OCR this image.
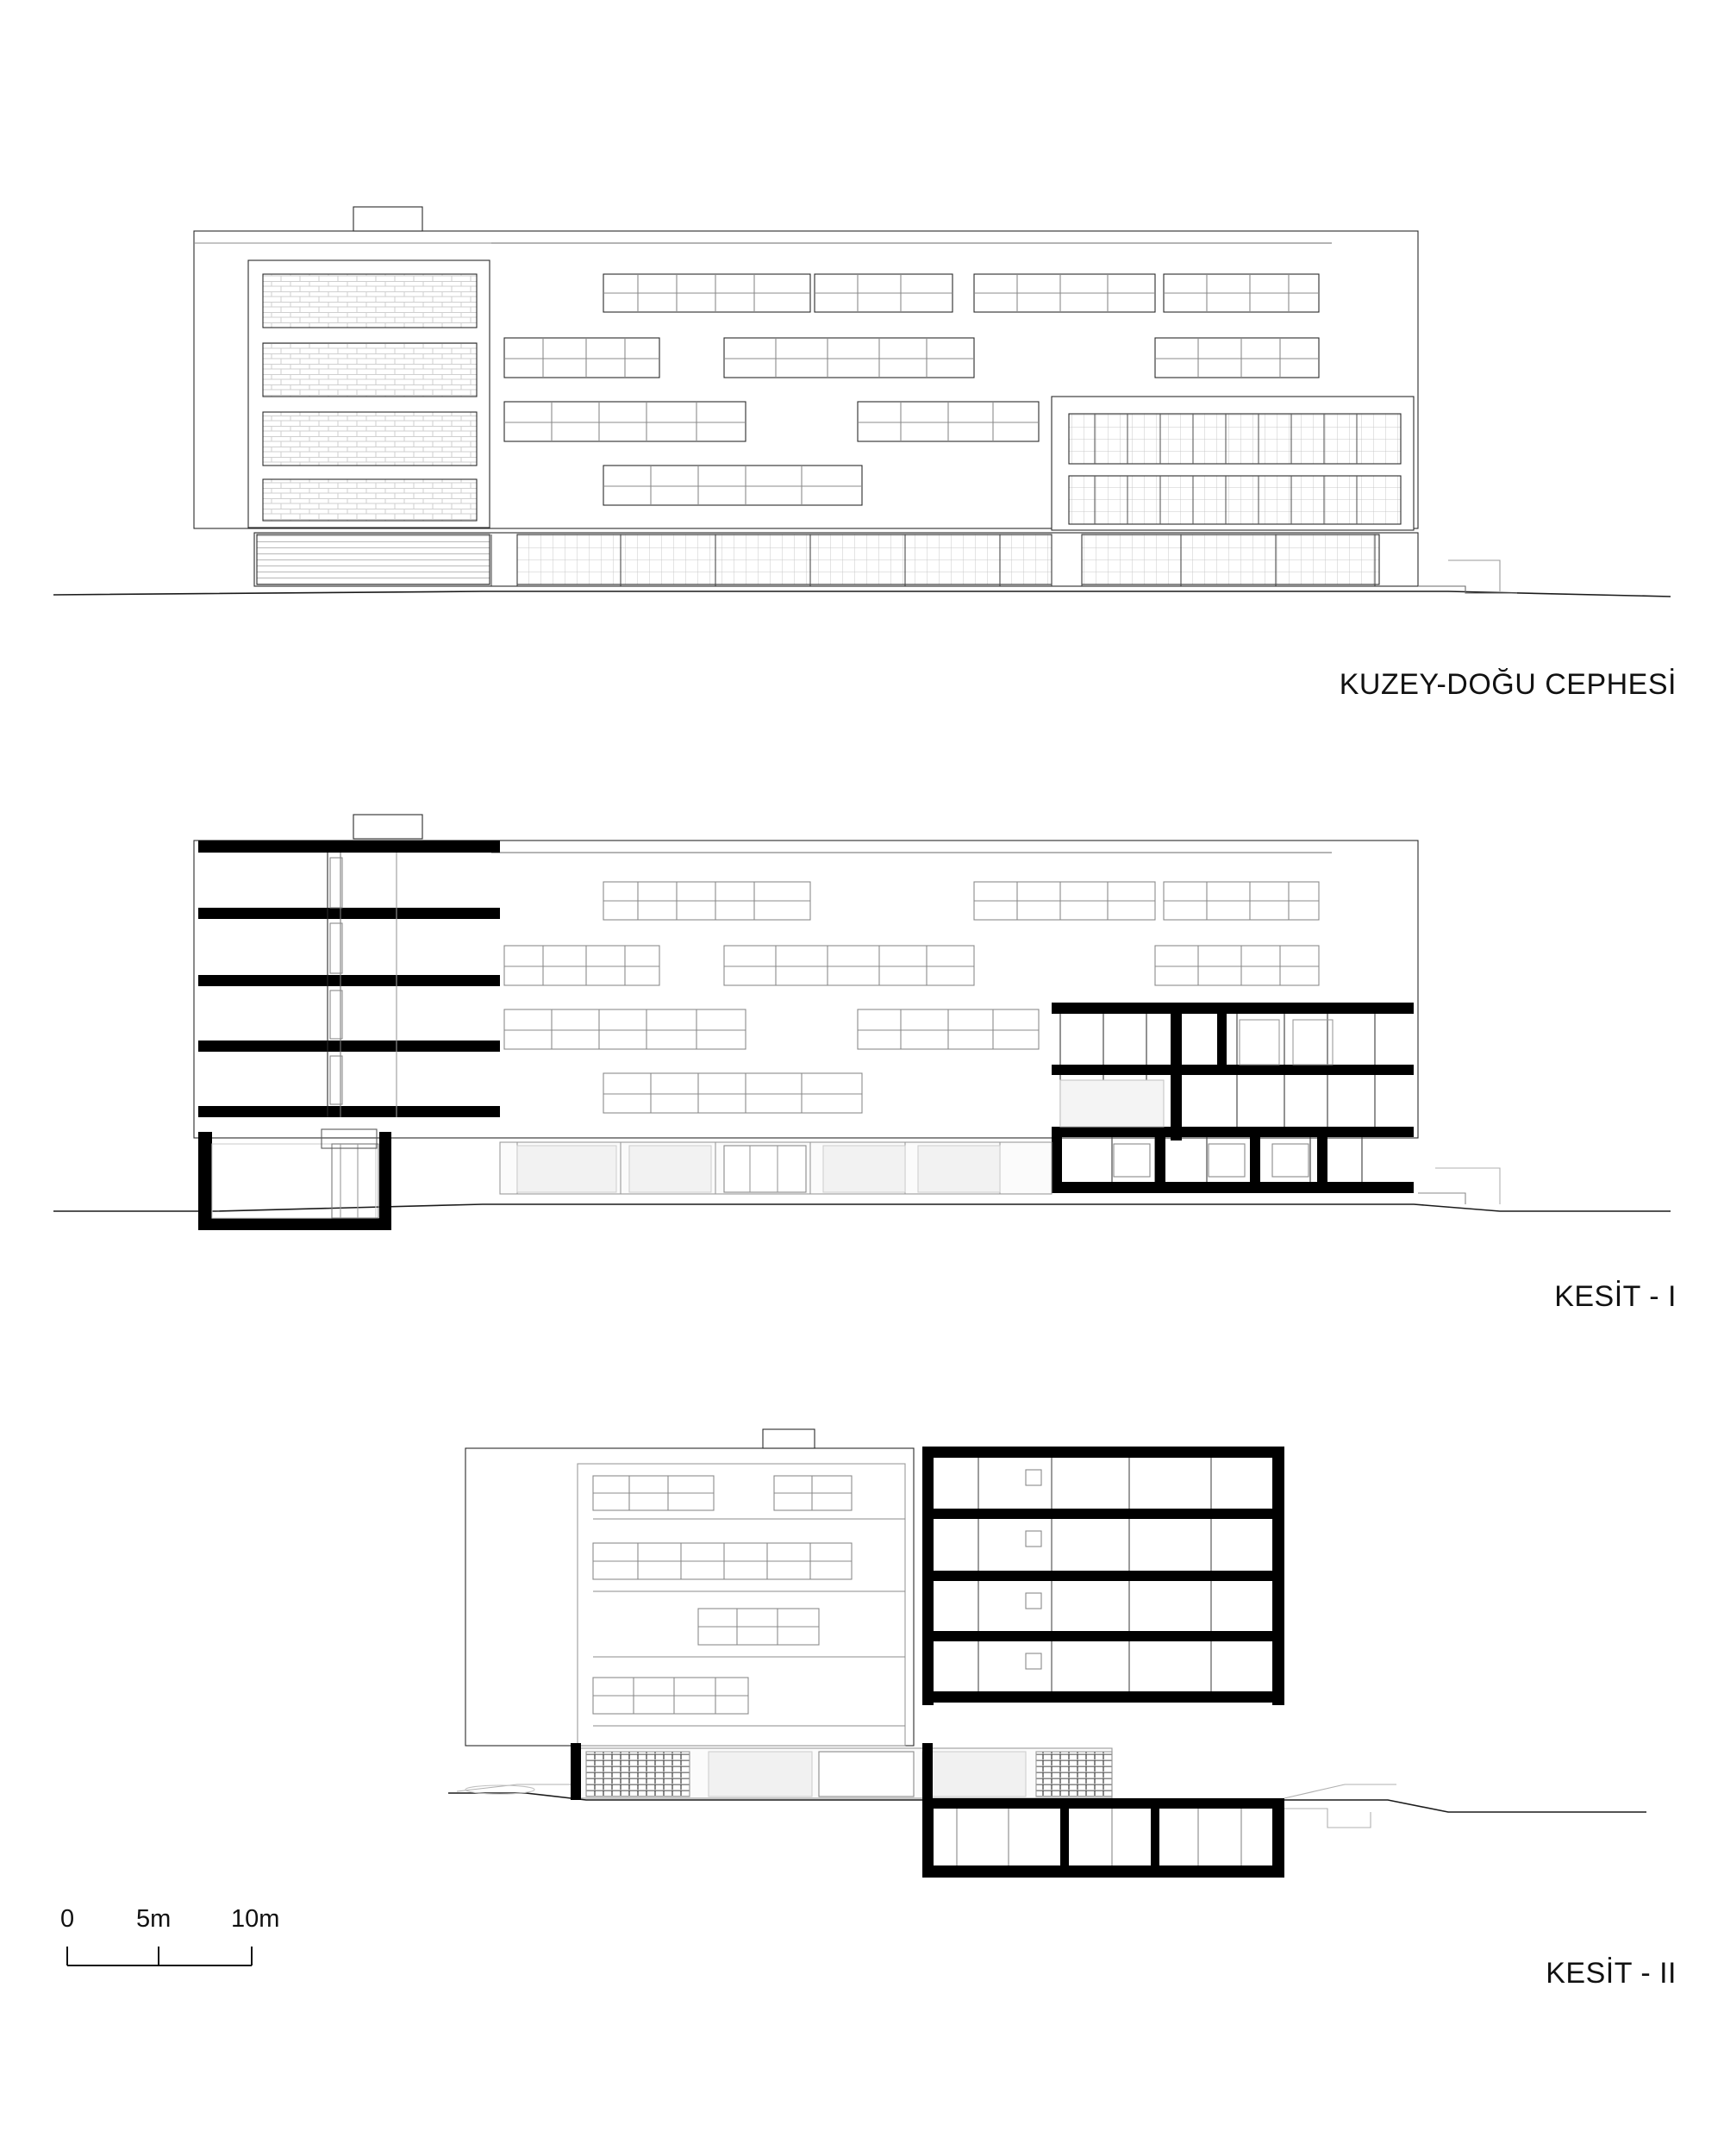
KUZEY-DOĞU CEPHESİ
KESİT - I
KESİT - II
0 5m 10m
